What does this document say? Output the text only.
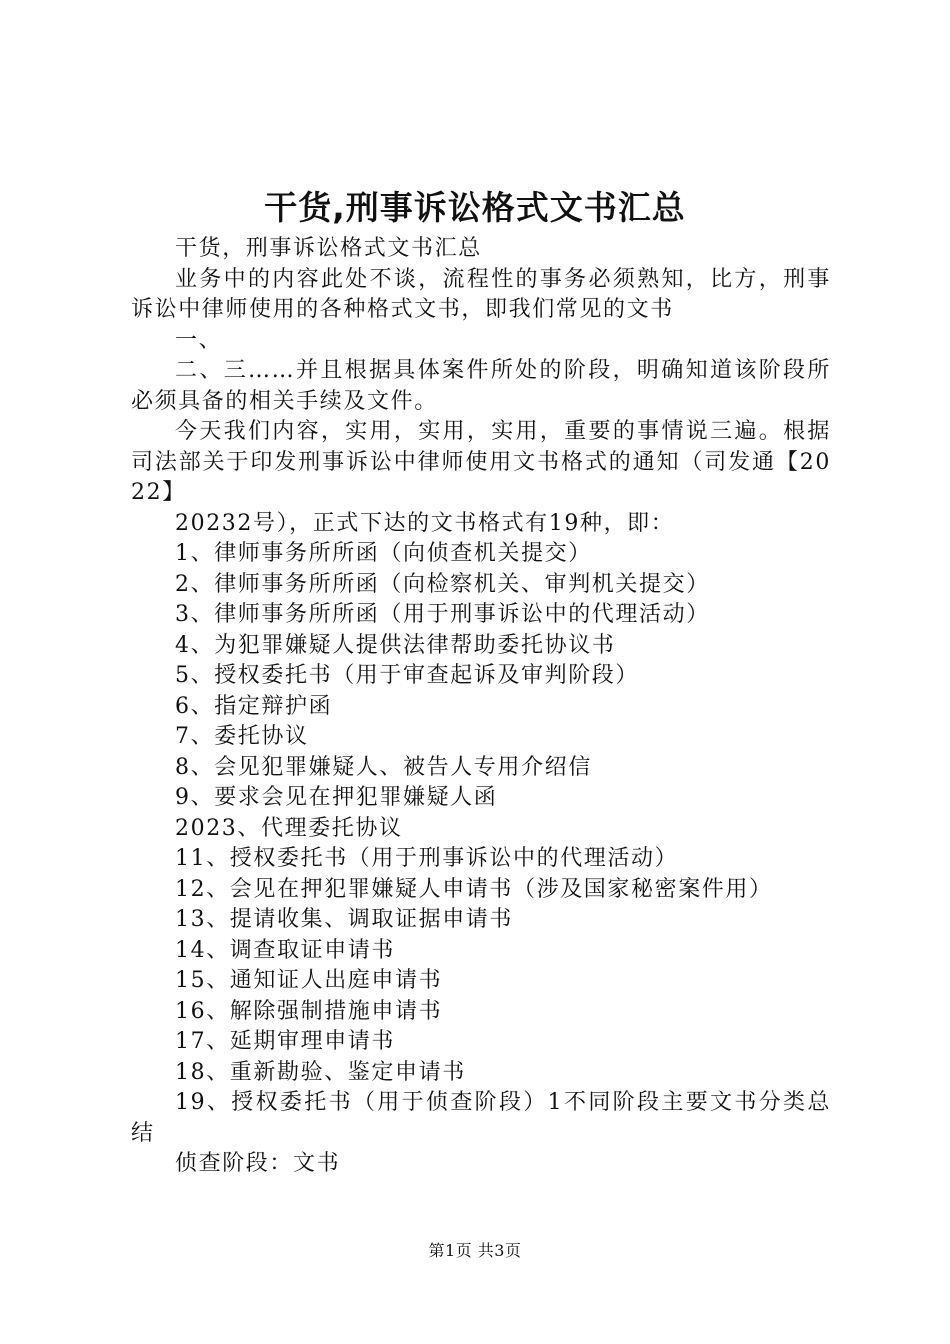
干货,刑事诉讼格式文书汇总

干货，刑事诉讼格式文书汇总

业务中的内容此处不谈，流程性的事务必须熟知，比方，刑事诉讼中律师使用的各种格式文书，即我们常见的文书

一、

二、三……并且根据具体案件所处的阶段，明确知道该阶段所必须具备的相关手续及文件。

今天我们内容，实用，实用，实用，重要的事情说三遍。根据司法部关于印发刑事诉讼中律师使用文书格式的通知（司发通【2022】

20232号），正式下达的文书格式有19种，即：

1、律师事务所所函（向侦查机关提交）

2、律师事务所所函（向检察机关、审判机关提交）

3、律师事务所所函（用于刑事诉讼中的代理活动）

4、为犯罪嫌疑人提供法律帮助委托协议书

5、授权委托书（用于审查起诉及审判阶段）

6、指定辩护函

7、委托协议

8、会见犯罪嫌疑人、被告人专用介绍信

9、要求会见在押犯罪嫌疑人函

2023、代理委托协议

11、授权委托书（用于刑事诉讼中的代理活动）

12、会见在押犯罪嫌疑人申请书（涉及国家秘密案件用）

13、提请收集、调取证据申请书

14、调查取证申请书

15、通知证人出庭申请书

16、解除强制措施申请书

17、延期审理申请书

18、重新勘验、鉴定申请书

19、授权委托书（用于侦查阶段）1不同阶段主要文书分类总结

侦查阶段：文书

第1页 共3页
